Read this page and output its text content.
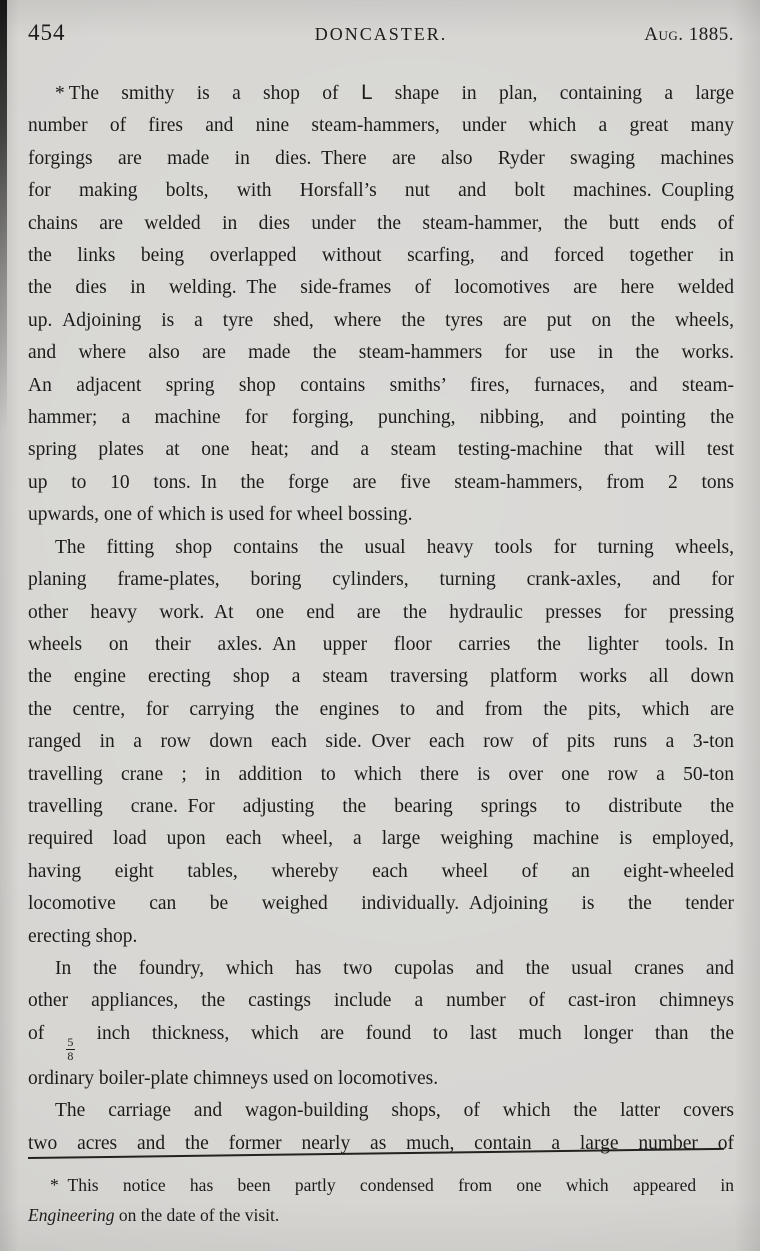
454	DONCASTER.	Aug. 1885.
* The smithy is a shop of L shape in plan, containing a large
number of fires and nine steam-hammers, under which a great many
forgings are made in dies. There are also Ryder swaging machines
for making bolts, with Horsfall’s nut and bolt machines. Coupling
chains are welded in dies under the steam-hammer, the butt ends of
the links being overlapped without scarfing, and forced together in
the dies in welding. The side-frames of locomotives are here welded
up. Adjoining is a tyre shed, where the tyres are put on the wheels,
and where also are made the steam-hammers for use in the works.
An adjacent spring shop contains smiths’ fires, furnaces, and steam-
hammer; a machine for forging, punching, nibbing, and pointing the
spring plates at one heat; and a steam testing-machine that will test
up to 10 tons. In the forge are five steam-hammers, from 2 tons
upwards, one of which is used for wheel bossing.
The fitting shop contains the usual heavy tools for turning wheels,
planing frame-plates, boring cylinders, turning crank-axles, and for
other heavy work. At one end are the hydraulic presses for pressing
wheels on their axles. An upper floor carries the lighter tools. In
the engine erecting shop a steam traversing platform works all down
the centre, for carrying the engines to and from the pits, which are
ranged in a row down each side. Over each row of pits runs a 3-ton
travelling crane ; in addition to which there is over one row a 50-ton
travelling crane. For adjusting the bearing springs to distribute the
required load upon each wheel, a large weighing machine is employed,
having eight tables, whereby each wheel of an eight-wheeled
locomotive can be weighed individually. Adjoining is the tender
erecting shop.
In the foundry, which has two cupolas and the usual cranes and
other appliances, the castings include a number of cast-iron chimneys
of
$\frac{5}{8}$
inch thickness, which are found to last much longer than the
ordinary boiler-plate chimneys used on locomotives.
The carriage and wagon-building shops, of which the latter covers
two acres and the former nearly as much, contain a large number of
* This notice has been partly condensed from one which appeared in
Engineering on the date of the visit.
